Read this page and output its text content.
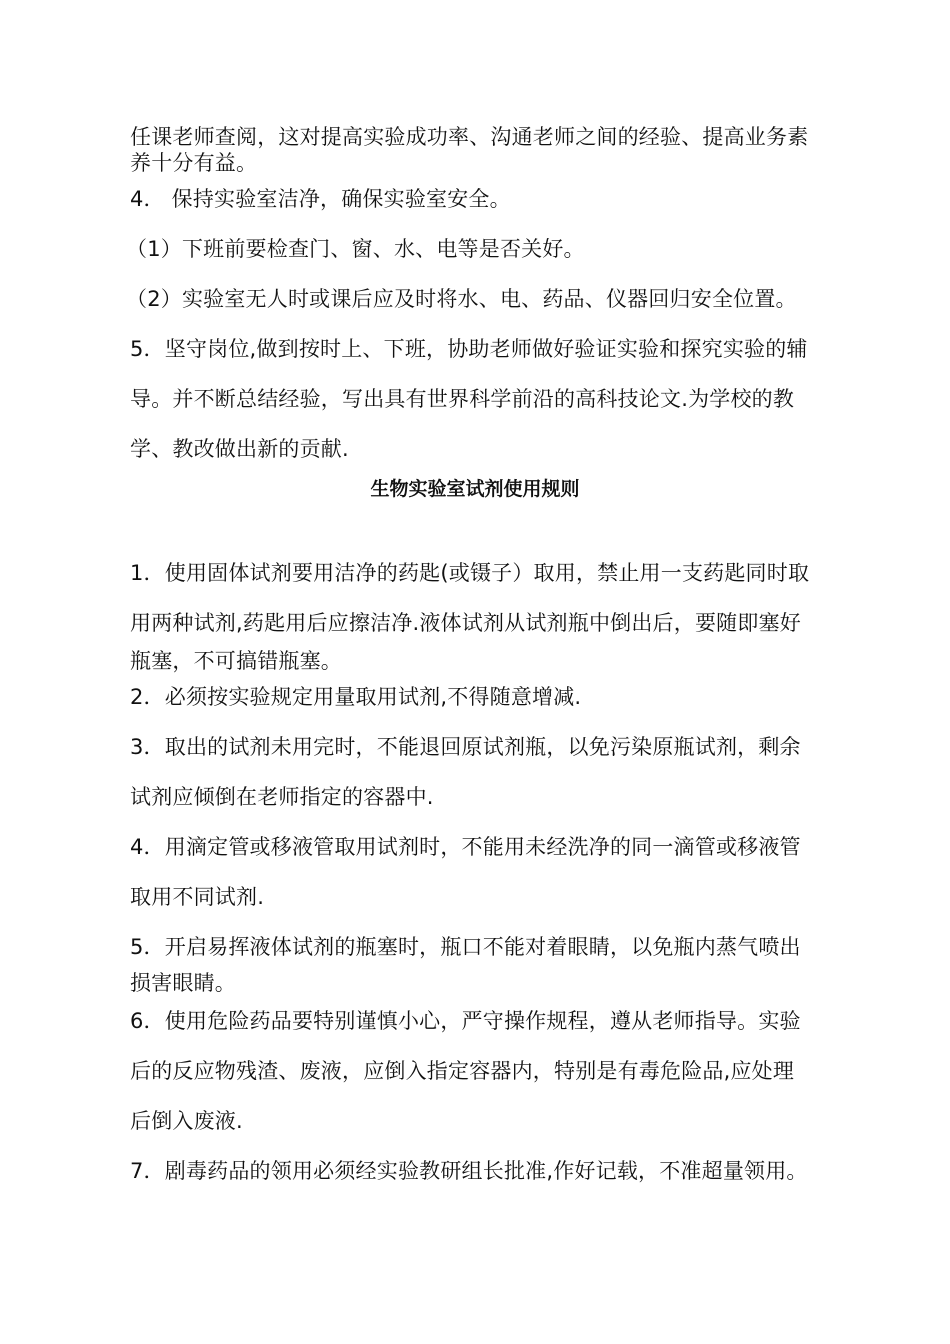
任课老师查阅，这对提高实验成功率、沟通老师之间的经验、提高业务素
养十分有益。
4． 保持实验室洁净，确保实验室安全。
（1）下班前要检查门、窗、水、电等是否关好。
（2）实验室无人时或课后应及时将水、电、药品、仪器回归安全位置。
5．坚守岗位,做到按时上、下班，协助老师做好验证实验和探究实验的辅
导。并不断总结经验，写出具有世界科学前沿的高科技论文.为学校的教
学、教改做出新的贡献.
生物实验室试剂使用规则
1．使用固体试剂要用洁净的药匙(或镊子）取用，禁止用一支药匙同时取
用两种试剂,药匙用后应擦洁净.液体试剂从试剂瓶中倒出后，要随即塞好
瓶塞，不可搞错瓶塞。
2．必须按实验规定用量取用试剂,不得随意增减.
3．取出的试剂未用完时，不能退回原试剂瓶，以免污染原瓶试剂，剩余
试剂应倾倒在老师指定的容器中.
4．用滴定管或移液管取用试剂时，不能用未经洗净的同一滴管或移液管
取用不同试剂.
5．开启易挥液体试剂的瓶塞时，瓶口不能对着眼睛，以免瓶内蒸气喷出
损害眼睛。
6．使用危险药品要特别谨慎小心，严守操作规程，遵从老师指导。实验
后的反应物残渣、废液，应倒入指定容器内，特别是有毒危险品,应处理
后倒入废液.
7．剧毒药品的领用必须经实验教研组长批准,作好记载，不准超量领用。
